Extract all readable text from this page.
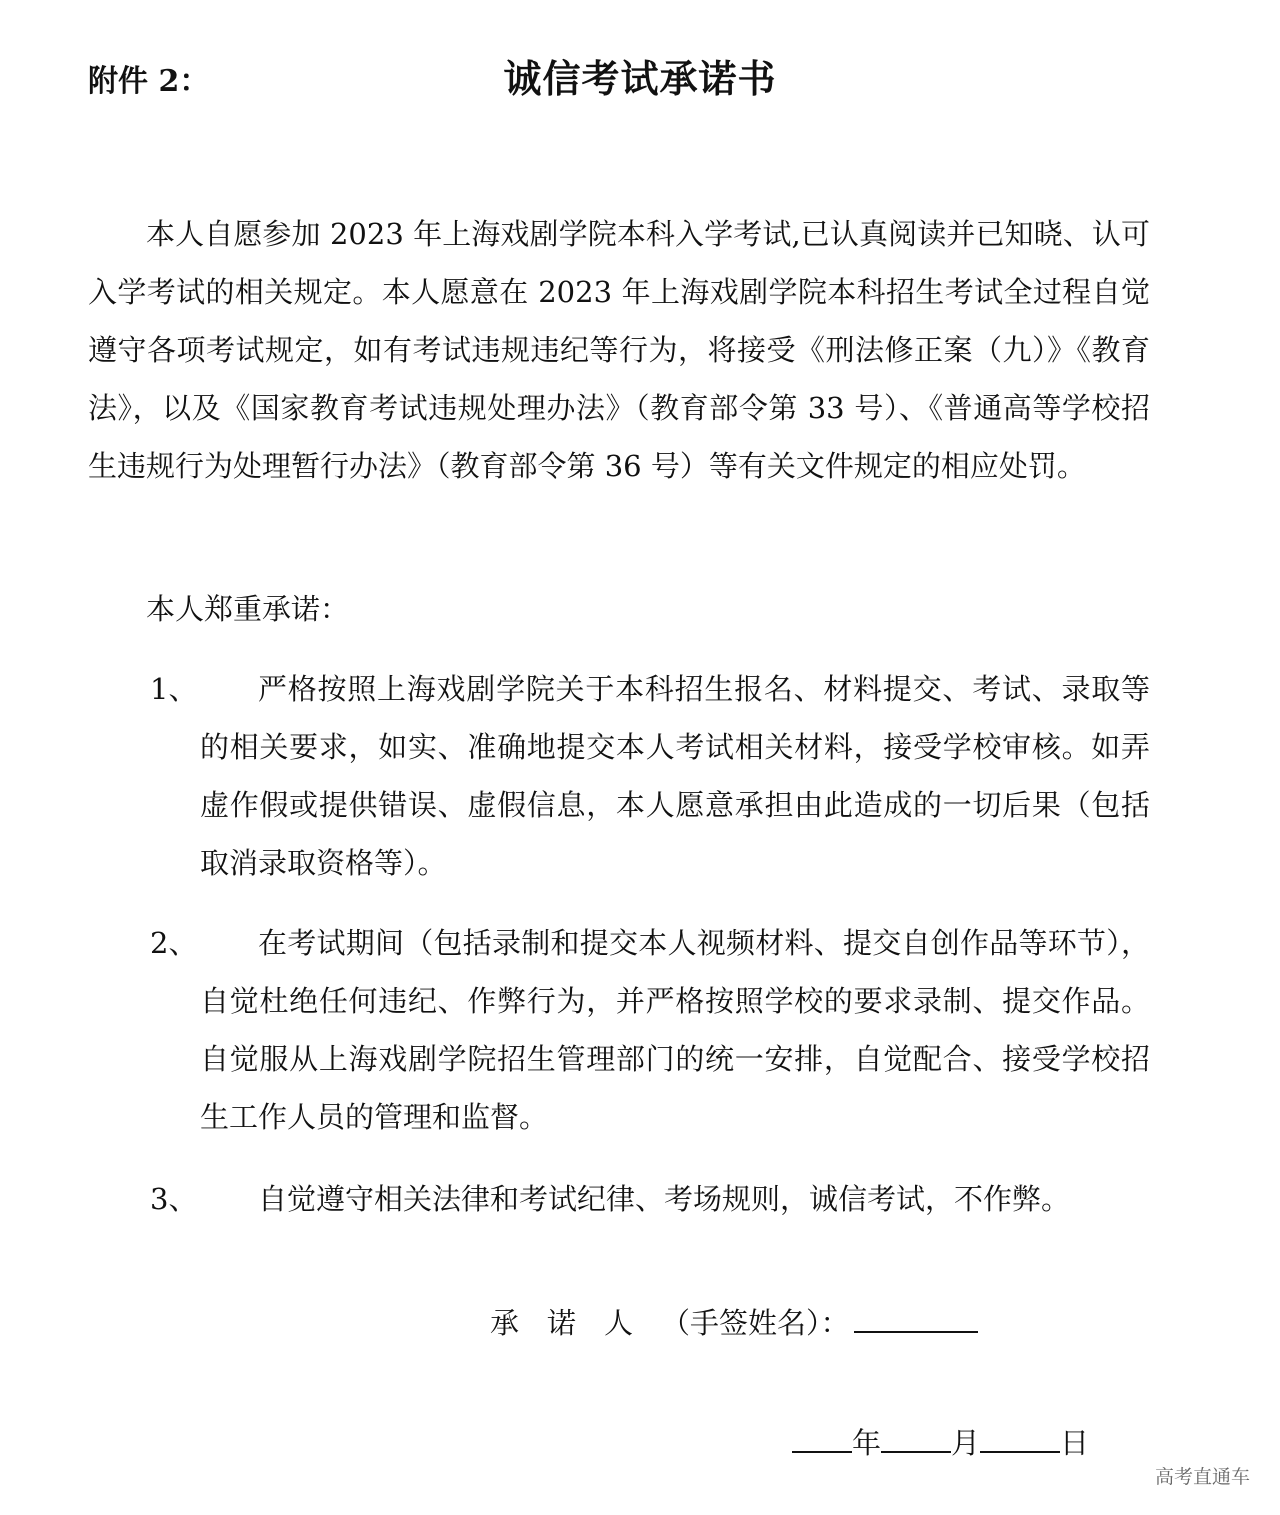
附件 2：	诚信考试承诺书

本人自愿参加 2023 年上海戏剧学院本科入学考试,已认真阅读并已知晓、认可入学考试的相关规定。本人愿意在 2023 年上海戏剧学院本科招生考试全过程自觉遵守各项考试规定，如有考试违规违纪等行为，将接受《刑法修正案（九）》《教育法》，以及《国家教育考试违规处理办法》（教育部令第 33 号）、《普通高等学校招生违规行为处理暂行办法》（教育部令第 36 号）等有关文件规定的相应处罚。

本人郑重承诺：
1、	严格按照上海戏剧学院关于本科招生报名、材料提交、考试、录取等的相关要求，如实、准确地提交本人考试相关材料，接受学校审核。如弄虚作假或提供错误、虚假信息，本人愿意承担由此造成的一切后果（包括取消录取资格等）。

2、	在考试期间（包括录制和提交本人视频材料、提交自创作品等环节），自觉杜绝任何违纪、作弊行为，并严格按照学校的要求录制、提交作品。自觉服从上海戏剧学院招生管理部门的统一安排，自觉配合、接受学校招生工作人员的管理和监督。

3、	自觉遵守相关法律和考试纪律、考场规则，诚信考试，不作弊。

承诺人（手签姓名）：
年 月	日
高考直通车
